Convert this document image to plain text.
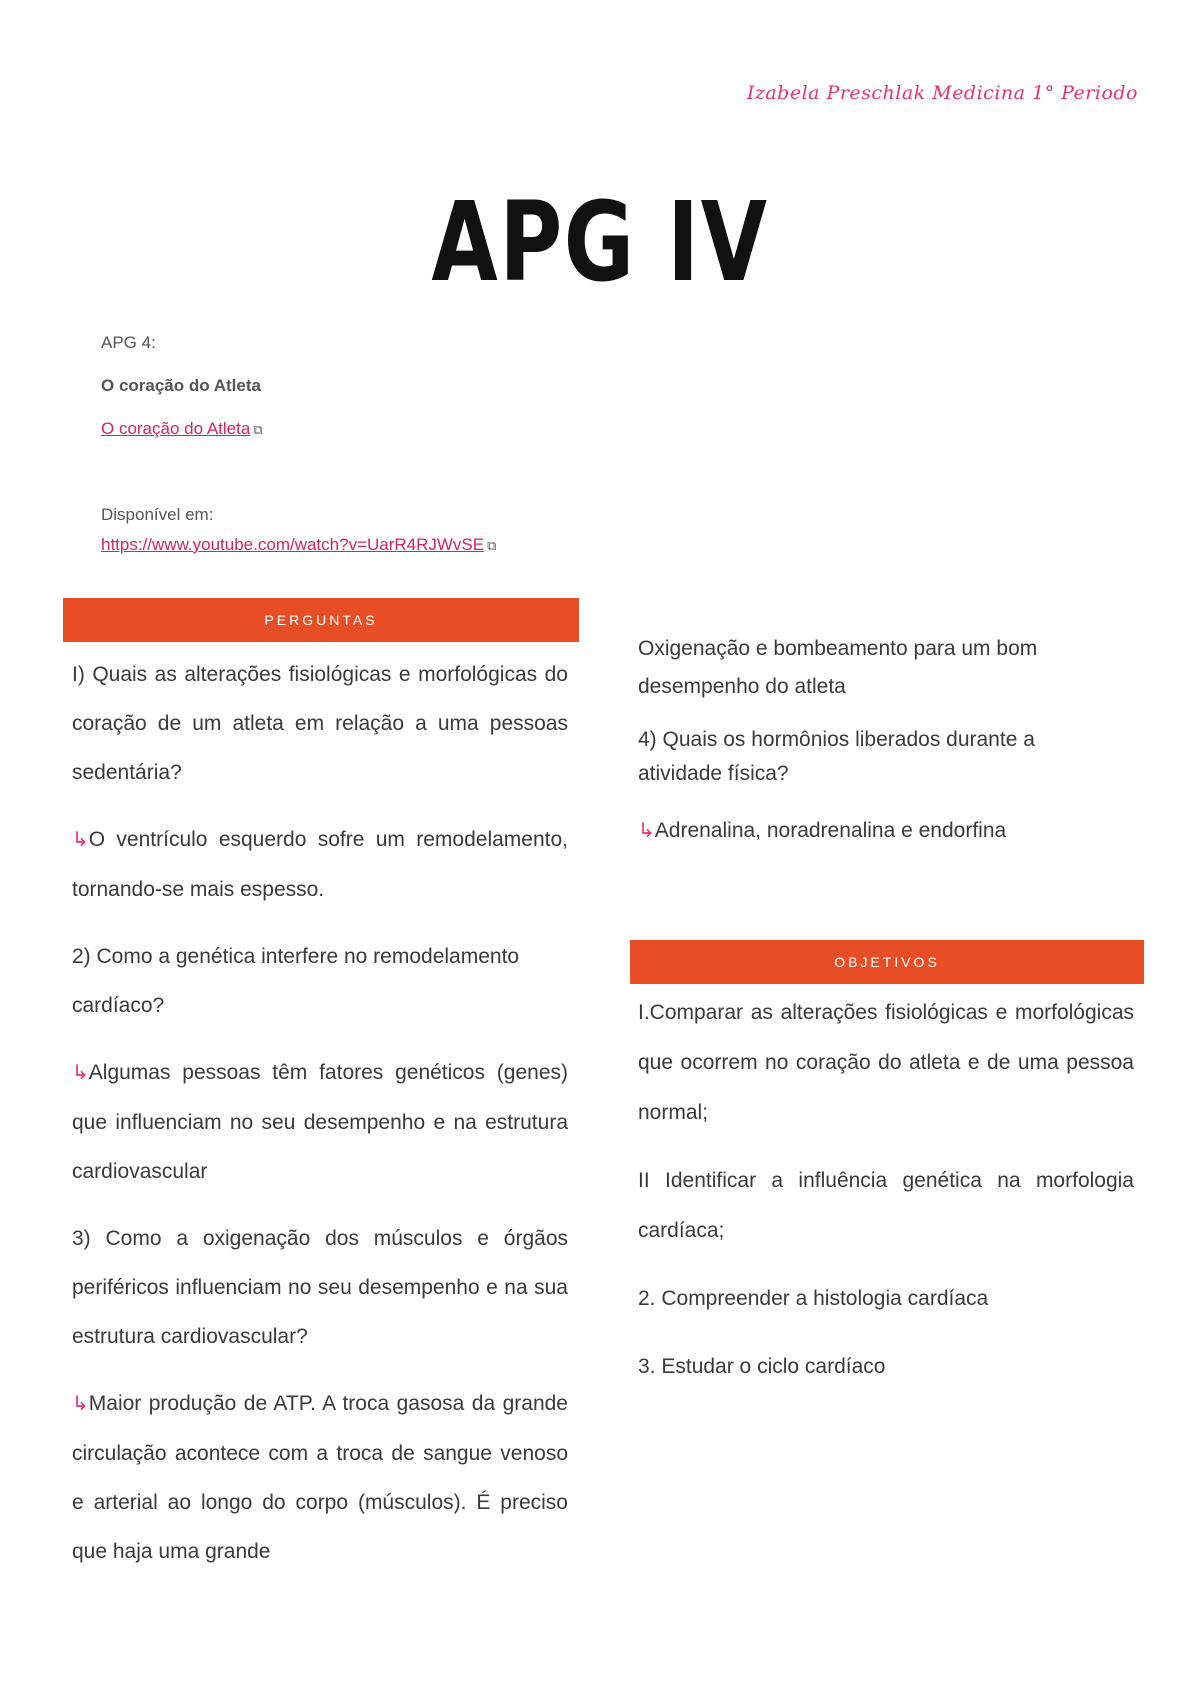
Izabela Preschlak Medicina 1° Periodo
APG IV
APG 4:
O coração do Atleta
O coração do Atleta ⧉
Disponível em:
https://www.youtube.com/watch?v=UarR4RJWvSE ⧉
PERGUNTAS

I) Quais as alterações fisiológicas e morfológicas do coração de um atleta em relação a uma pessoas sedentária?

↳O ventrículo esquerdo sofre um remodelamento, tornando-se mais espesso.

2) Como a genética interfere no remodelamento cardíaco?

↳Algumas pessoas têm fatores genéticos (genes) que influenciam no seu desempenho e na estrutura cardiovascular

3) Como a oxigenação dos músculos e órgãos periféricos influenciam no seu desempenho e na sua estrutura cardiovascular?

↳Maior produção de ATP. A troca gasosa da grande circulação acontece com a troca de sangue venoso e arterial ao longo do corpo (músculos). É preciso que haja uma grande

Oxigenação e bombeamento para um bom desempenho do atleta

4) Quais os hormônios liberados durante a atividade física?

↳Adrenalina, noradrenalina e endorfina

OBJETIVOS

I.Comparar as alterações fisiológicas e morfológicas que ocorrem no coração do atleta e de uma pessoa normal;

II Identificar a influência genética na morfologia cardíaca;

2. Compreender a histologia cardíaca

3. Estudar o ciclo cardíaco
